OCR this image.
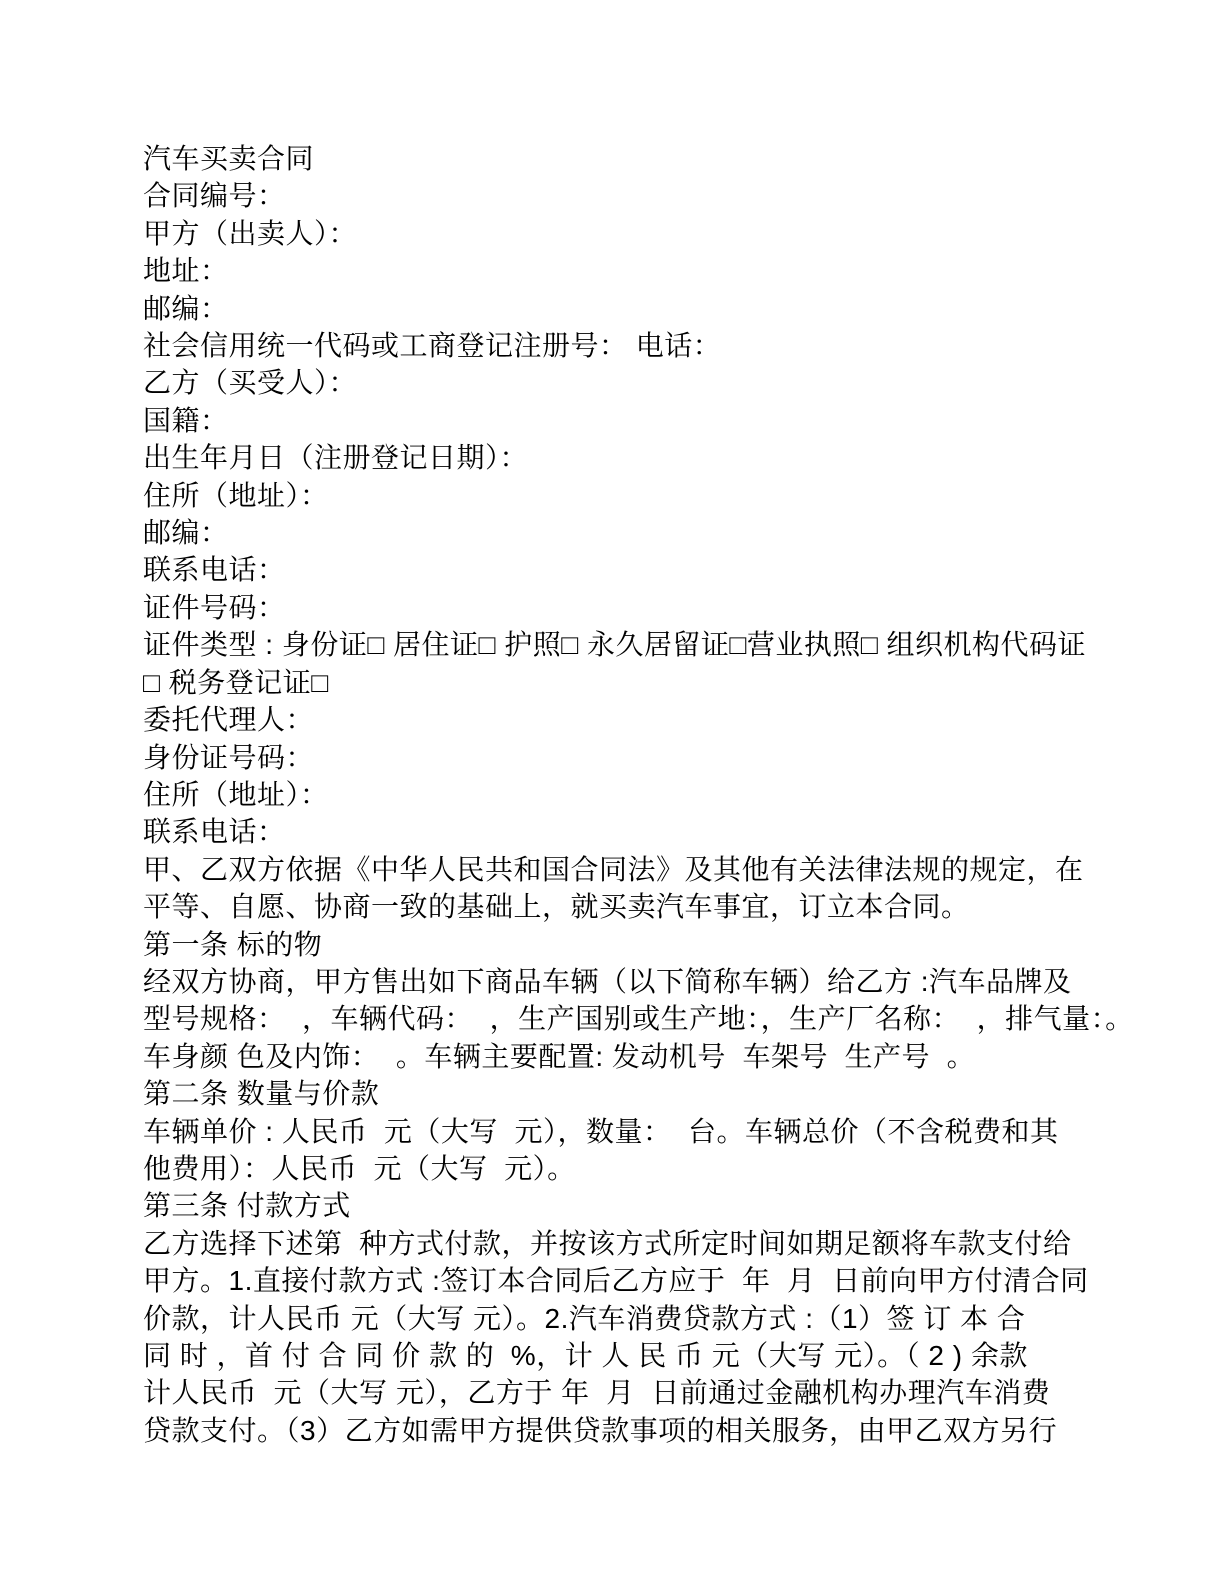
汽车买卖合同
合同编号：
甲方（出卖人）：
地址：
邮编：
社会信用统一代码或工商登记注册号： 电话：
乙方（买受人）：
国籍：
出生年月日（注册登记日期）：
住所（地址）：
邮编：
联系电话：
证件号码：
证件类型 : 身份证□ 居住证□ 护照□ 永久居留证□营业执照□ 组织机构代码证
□ 税务登记证□
委托代理人：
身份证号码：
住所（地址）：
联系电话：
甲、乙双方依据《中华人民共和国合同法》及其他有关法律法规的规定，在
平等、自愿、协商一致的基础上，就买卖汽车事宜，订立本合同。
第一条 标的物
经双方协商，甲方售出如下商品车辆（以下简称车辆）给乙方 :汽车品牌及
型号规格：  ，车辆代码：  ，生产国别或生产地：，生产厂名称：  ，排气量：。
车身颜 色及内饰：  。车辆主要配置: 发动机号  车架号  生产号  。
第二条 数量与价款
车辆单价 : 人民币  元（大写  元），数量：  台。车辆总价（不含税费和其
他费用）：人民币  元（大写  元）。
第三条 付款方式
乙方选择下述第  种方式付款，并按该方式所定时间如期足额将车款支付给
甲方。1.直接付款方式 :签订本合同后乙方应于  年  月  日前向甲方付清合同
价款，计人民币 元（大写 元）。2.汽车消费贷款方式 :（1）签 订 本 合
同 时 ，首 付 合 同 价 款 的  %，计 人 民 币 元（大写 元）。（ 2 ) 余款
计人民币  元（大写 元），乙方于 年  月  日前通过金融机构办理汽车消费
贷款支付。（3）乙方如需甲方提供贷款事项的相关服务，由甲乙双方另行
